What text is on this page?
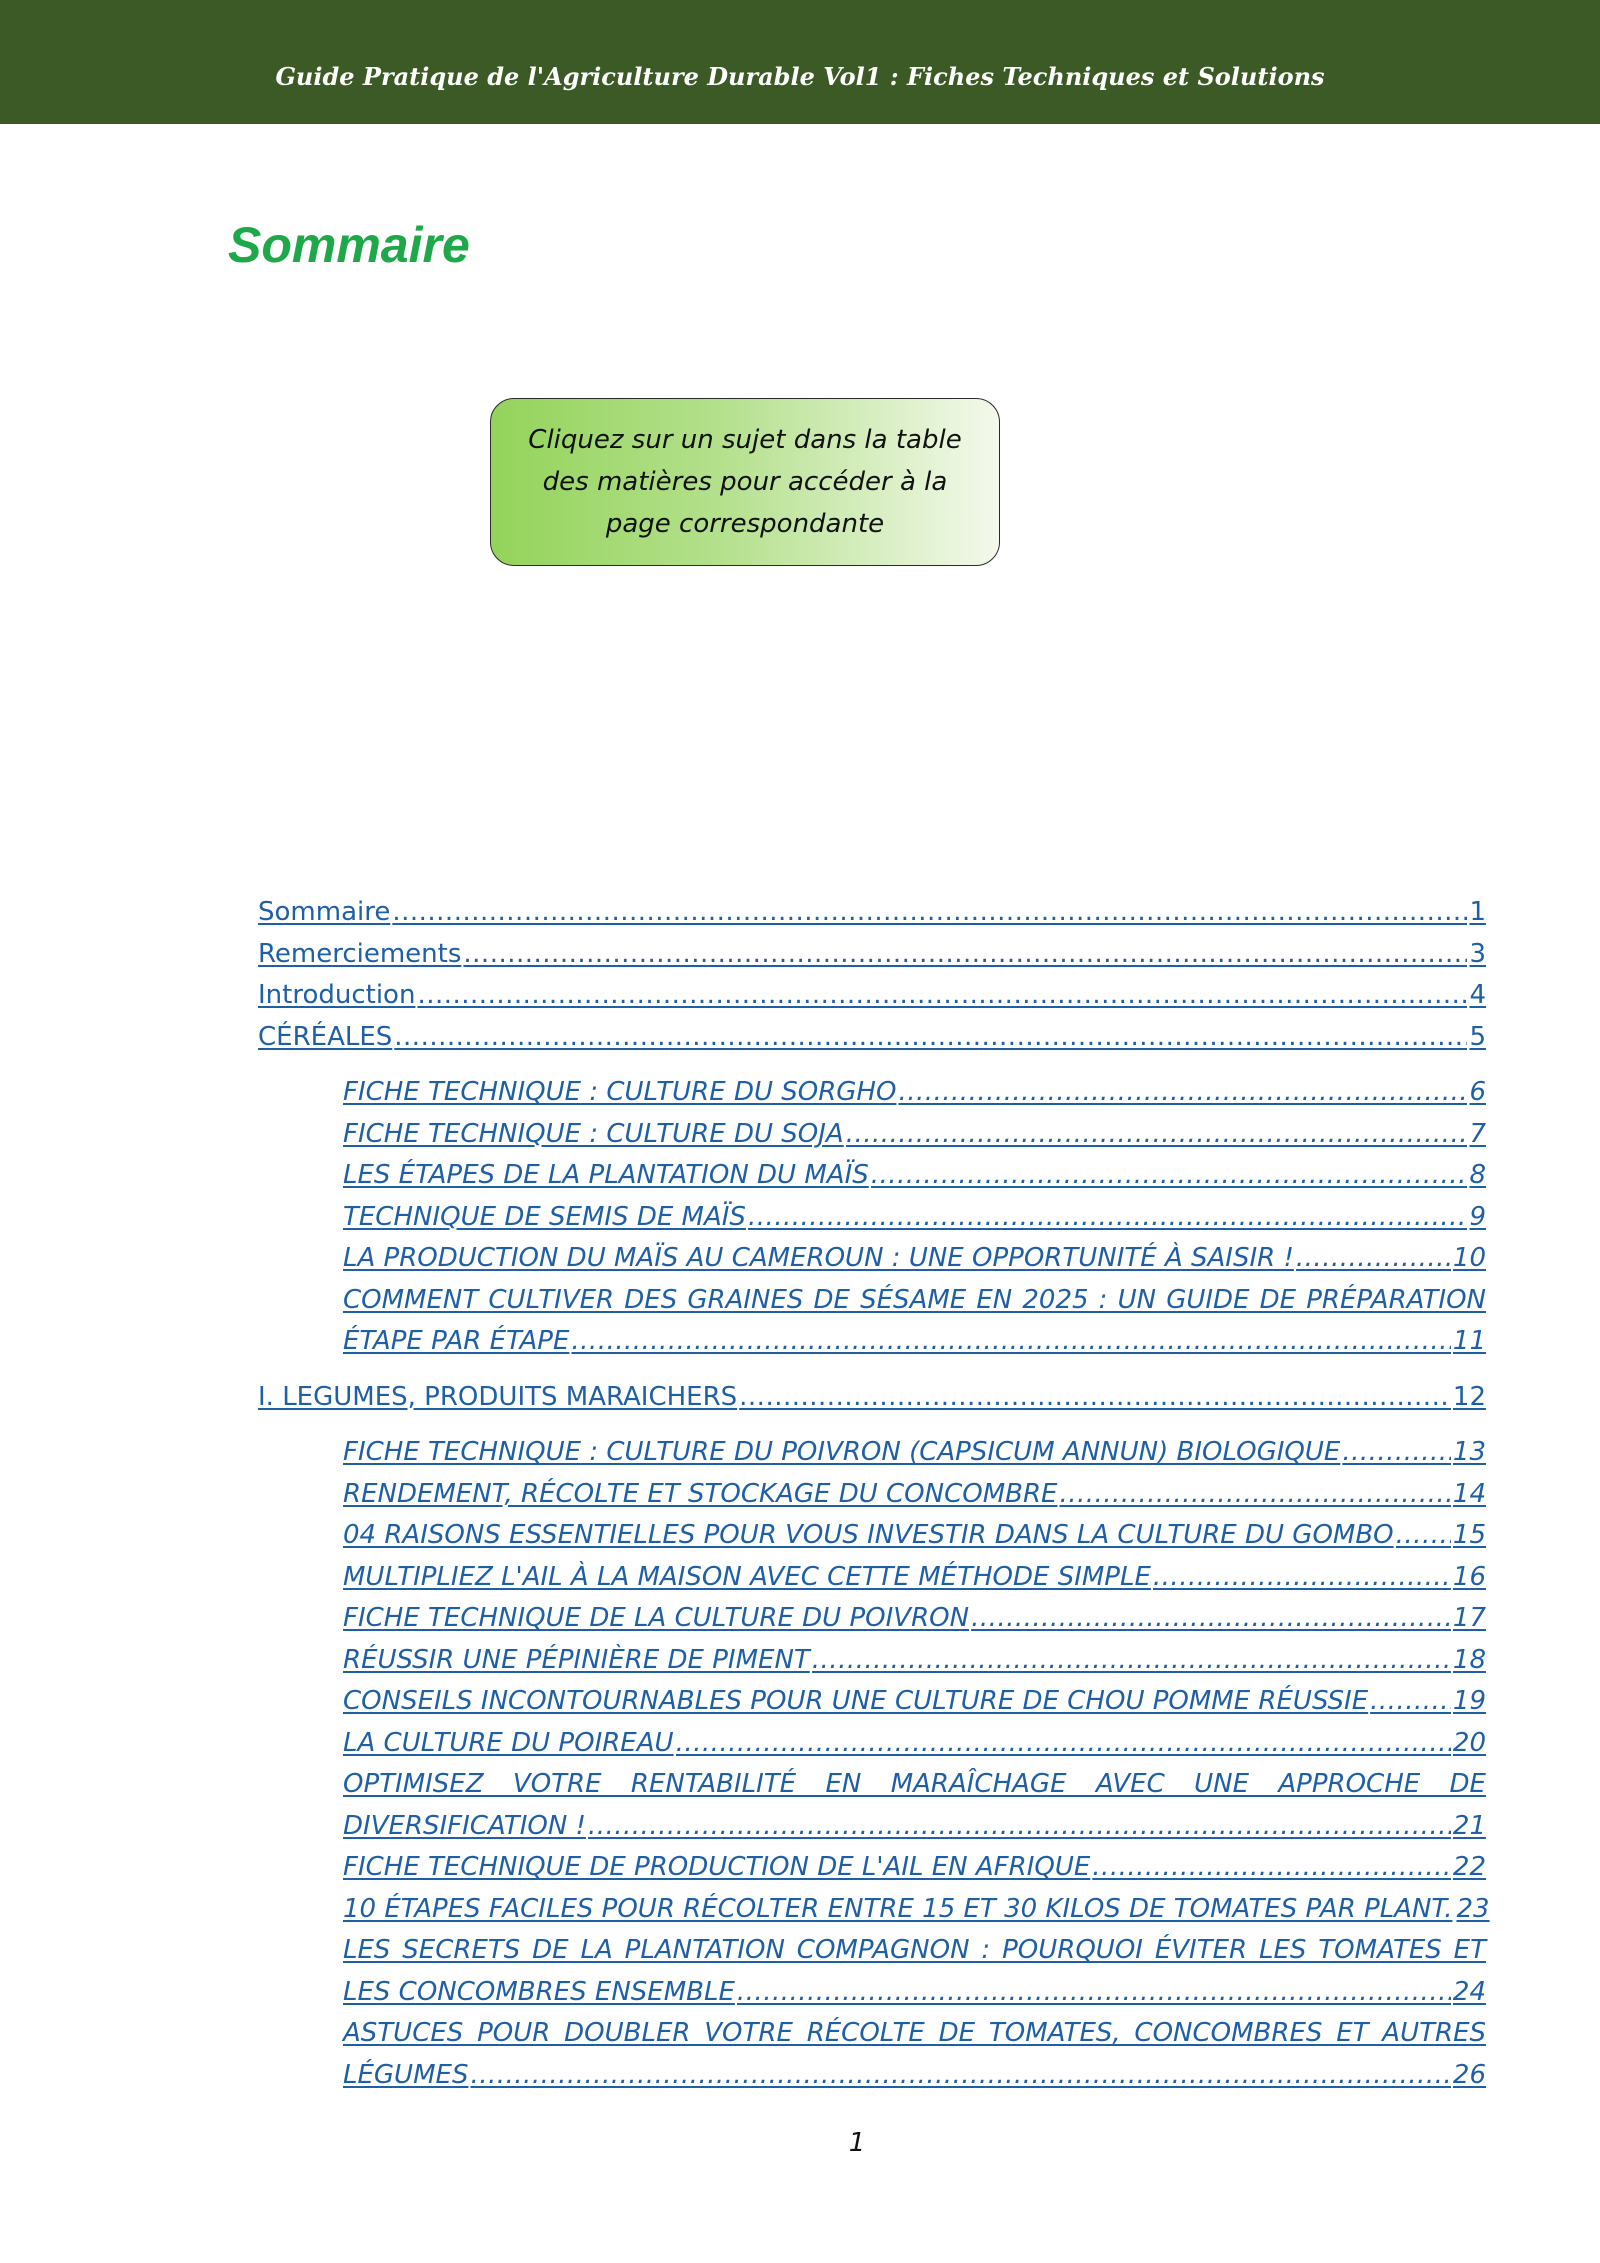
Guide Pratique de l'Agriculture Durable Vol1 : Fiches Techniques et Solutions
Sommaire
Cliquez sur un sujet dans la table des matières pour accéder à la page correspondante
Sommaire .....	1
Remerciements .....	3
Introduction .....	4
CÉRÉALES .....	5
FICHE TECHNIQUE : CULTURE DU SORGHO .....	6
FICHE TECHNIQUE : CULTURE DU SOJA .....	7
LES ÉTAPES DE LA PLANTATION DU MAÏS .....	8
TECHNIQUE DE SEMIS DE MAÏS .....	9
LA PRODUCTION DU MAÏS AU CAMEROUN : UNE OPPORTUNITÉ À SAISIR ! .....	10
COMMENT CULTIVER DES GRAINES DE SÉSAME EN 2025 : UN GUIDE DE PRÉPARATION
ÉTAPE PAR ÉTAPE .....	11
I. LEGUMES, PRODUITS MARAICHERS .....	12
FICHE TECHNIQUE : CULTURE DU POIVRON (CAPSICUM ANNUN) BIOLOGIQUE .....	13
RENDEMENT, RÉCOLTE ET STOCKAGE DU CONCOMBRE .....	14
04 RAISONS ESSENTIELLES POUR VOUS INVESTIR DANS LA CULTURE DU GOMBO ..... 15
MULTIPLIEZ L'AIL À LA MAISON AVEC CETTE MÉTHODE SIMPLE .....	16
FICHE TECHNIQUE DE LA CULTURE DU POIVRON .....	17
RÉUSSIR UNE PÉPINIÈRE DE PIMENT .....	18
CONSEILS INCONTOURNABLES POUR UNE CULTURE DE CHOU POMME RÉUSSIE .....	19
LA CULTURE DU POIREAU .....	20
OPTIMISEZ VOTRE RENTABILITÉ EN MARAÎCHAGE AVEC UNE APPROCHE DE
DIVERSIFICATION ! .....	21
FICHE TECHNIQUE DE PRODUCTION DE L'AIL EN AFRIQUE .....	22
10 ÉTAPES FACILES POUR RÉCOLTER ENTRE 15 ET 30 KILOS DE TOMATES PAR PLANT. 23
LES SECRETS DE LA PLANTATION COMPAGNON : POURQUOI ÉVITER LES TOMATES ET
LES CONCOMBRES ENSEMBLE .....	24
ASTUCES POUR DOUBLER VOTRE RÉCOLTE DE TOMATES, CONCOMBRES ET AUTRES
LÉGUMES .....	26
1
